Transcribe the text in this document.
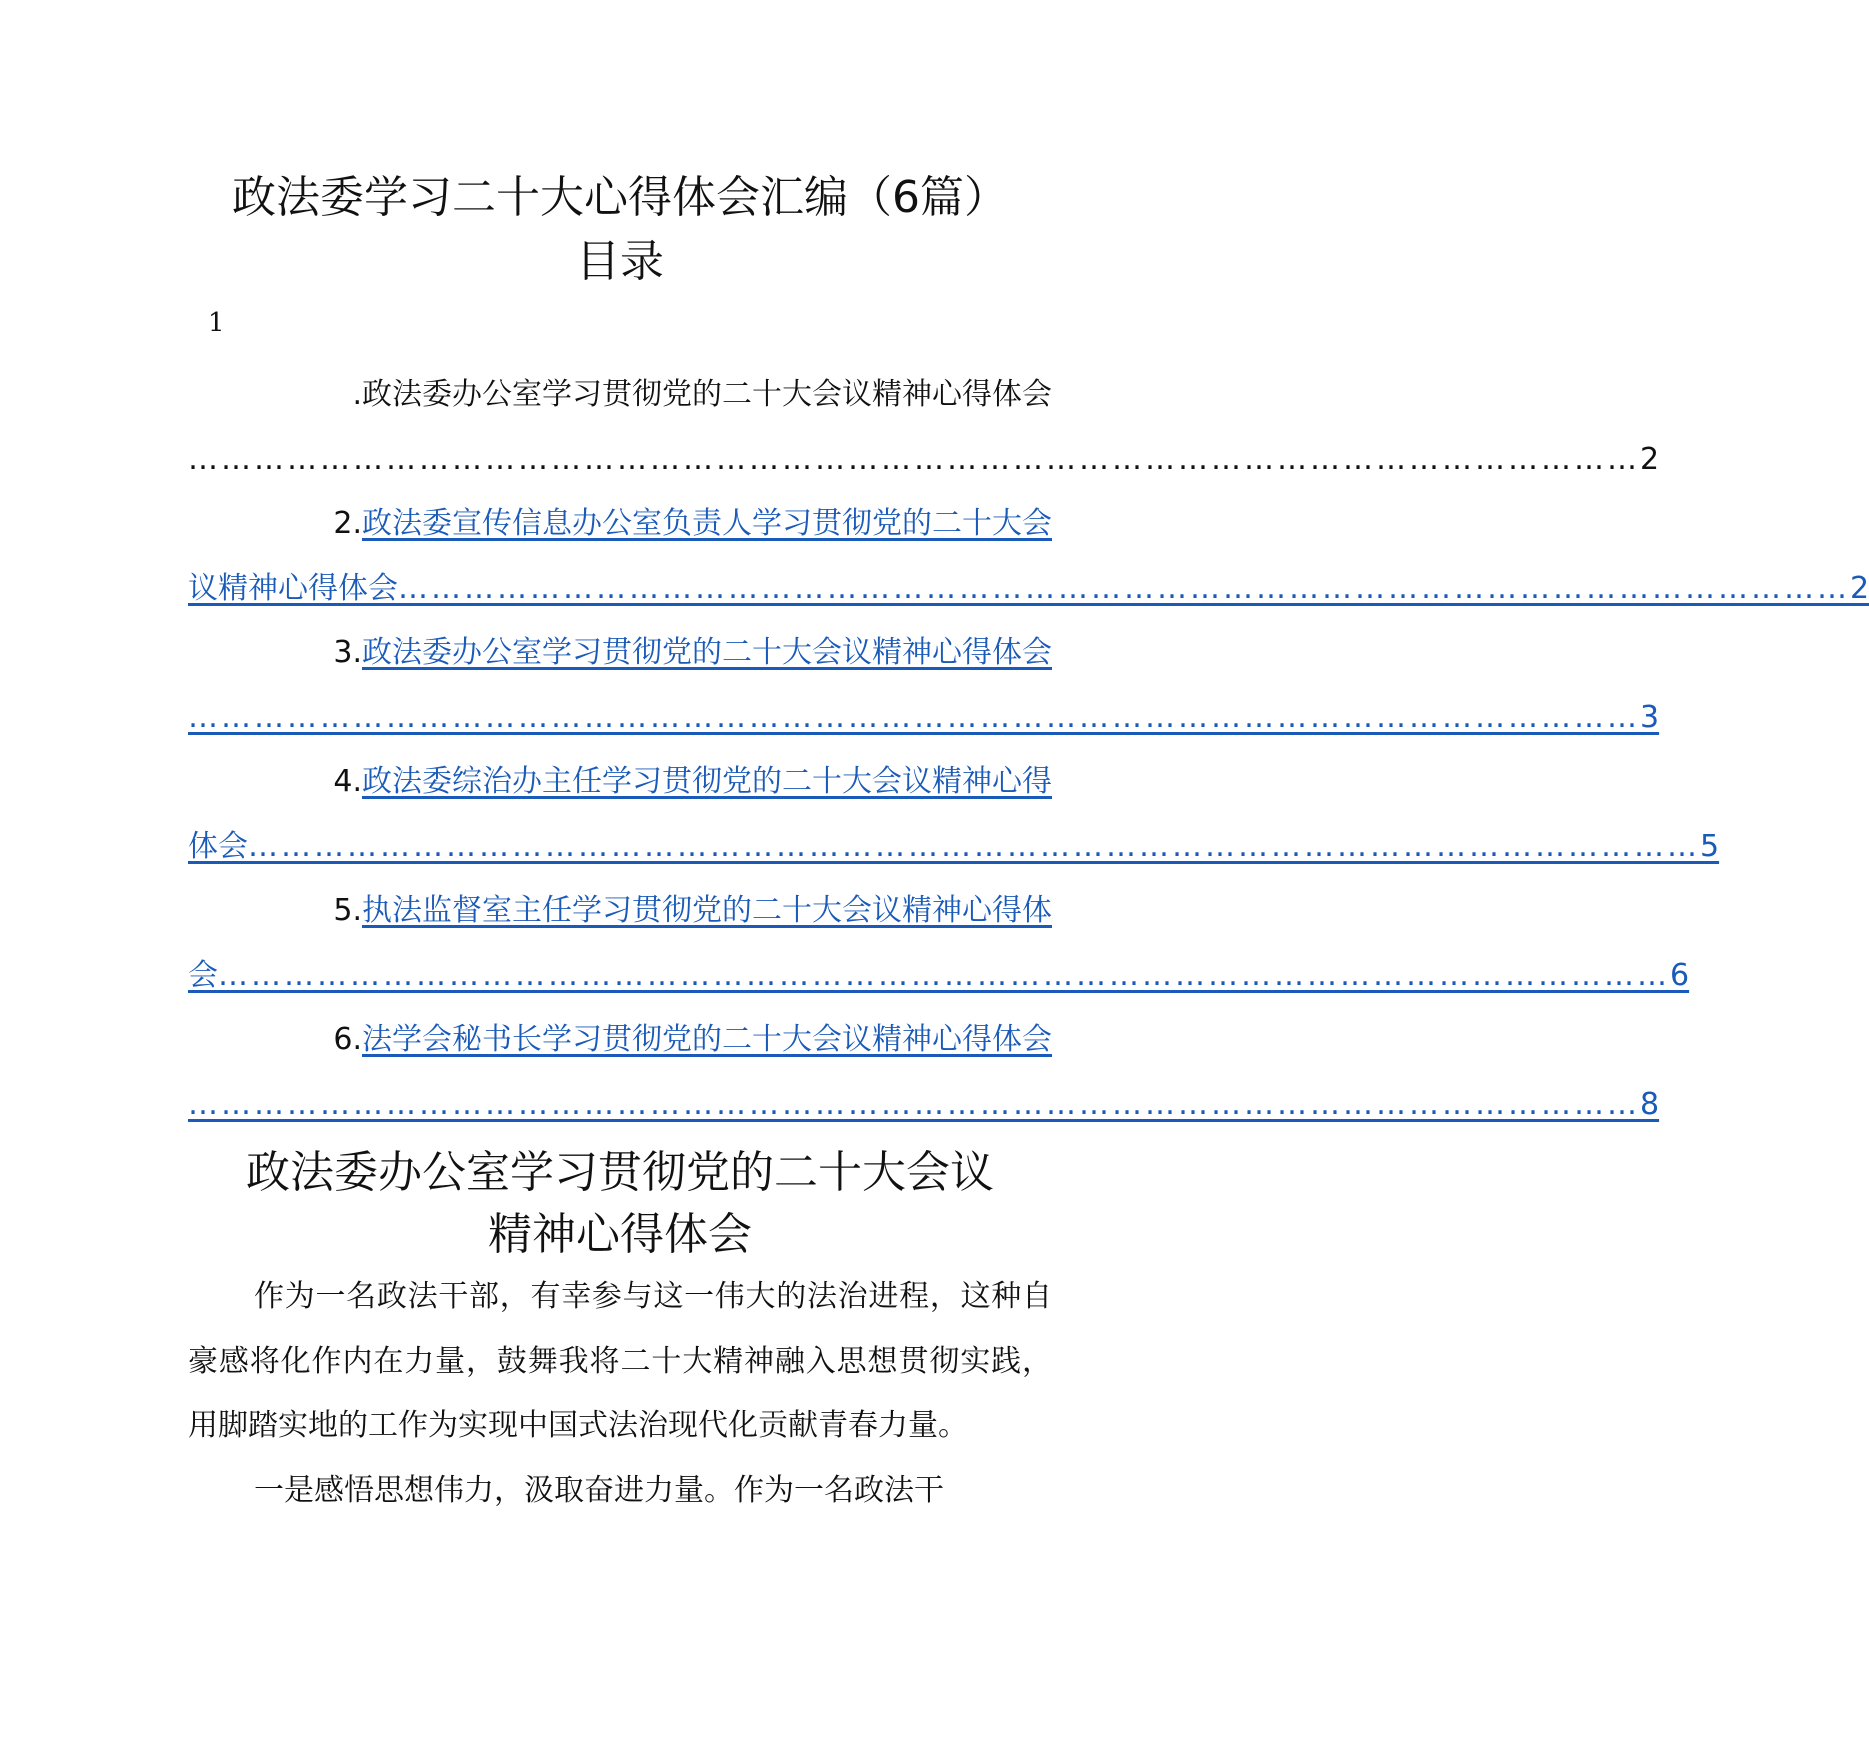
政法委学习二十大心得体会汇编（6篇）
目录
1
.政法委办公室学习贯彻党的二十大会议精神心得体会
…………………………………………………………………………………………………………………… 2
2. 政法委宣传信息办公室负责人学习贯彻党的二十大会
议精神心得体会 …………………………………………………………………………………………………………………… 2
3. 政法委办公室学习贯彻党的二十大会议精神心得体会
…………………………………………………………………………………………………………………… 3
4. 政法委综治办主任学习贯彻党的二十大会议精神心得
体会 …………………………………………………………………………………………………………………… 5
5. 执法监督室主任学习贯彻党的二十大会议精神心得体
会 …………………………………………………………………………………………………………………… 6
6. 法学会秘书长学习贯彻党的二十大会议精神心得体会
…………………………………………………………………………………………………………………… 8
政法委办公室学习贯彻党的二十大会议
精神心得体会

作为一名政法干部，有幸参与这一伟大的法治进程，这种自豪感将化作内在力量，鼓舞我将二十大精神融入思想贯彻实践，用脚踏实地的工作为实现中国式法治现代化贡献青春力量。

一是感悟思想伟力，汲取奋进力量。作为一名政法干
